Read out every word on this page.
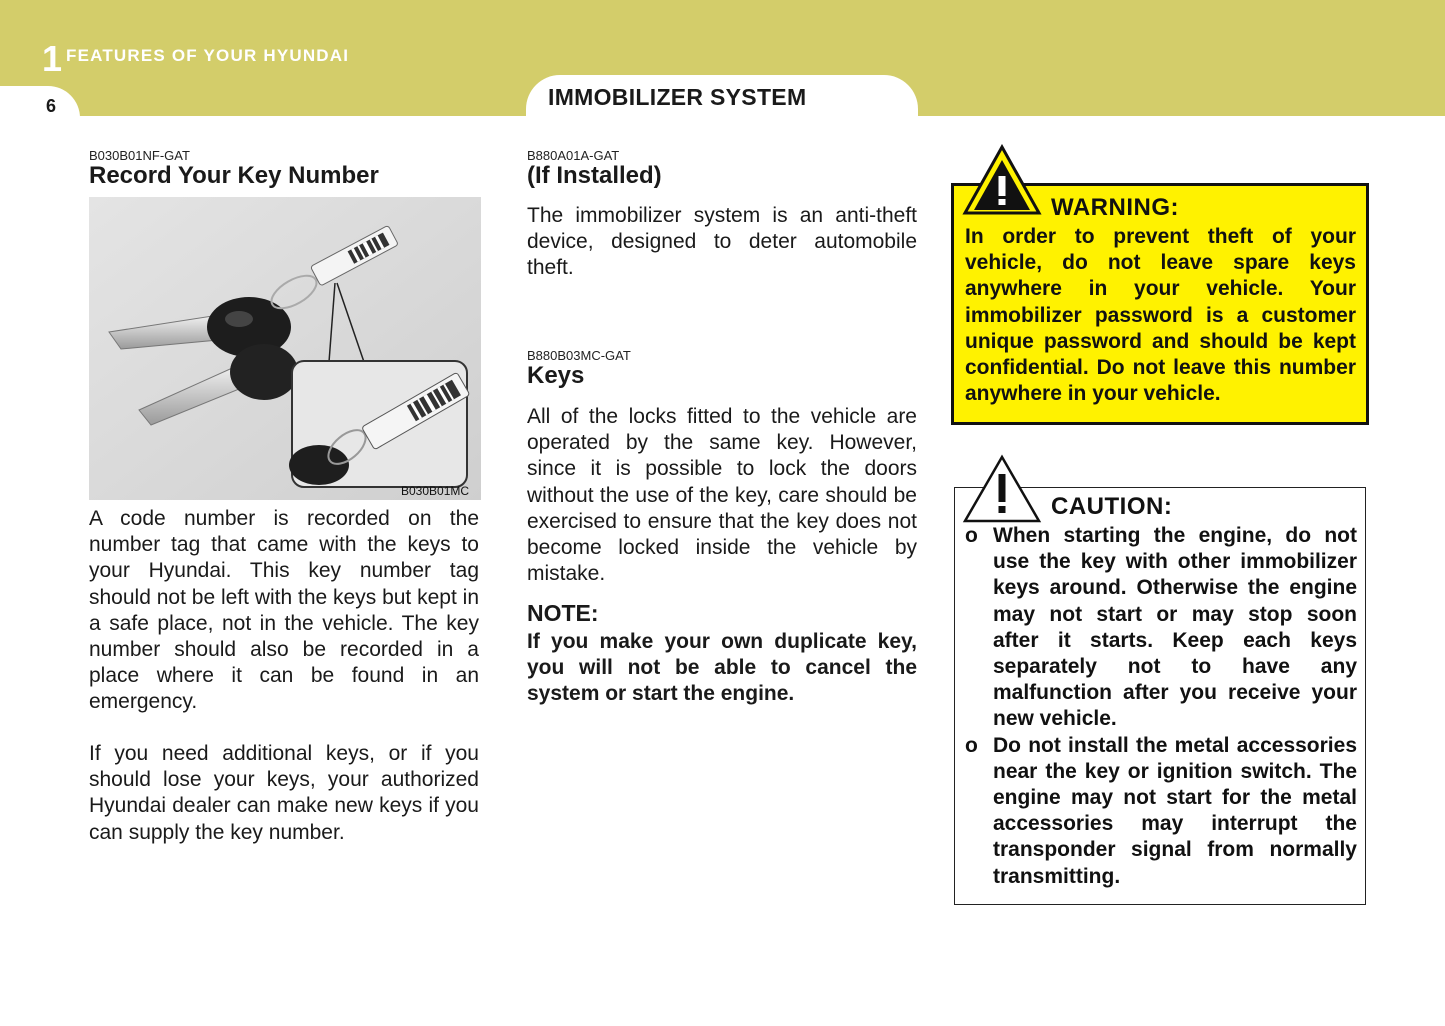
1 FEATURES OF YOUR HYUNDAI
6	IMMOBILIZER SYSTEM
B030B01NF-GAT
Record Your Key Number
B030B01MC

A code number is recorded on the number tag that came with the keys to your Hyundai. This key number tag should not be left with the keys but kept in a safe place, not in the vehicle. The key number should also be recorded in a place where it can be found in an emergency.

If you need additional keys, or if you should lose your keys, your authorized Hyundai dealer can make new keys if you can supply the key number.

B880A01A-GAT
(If Installed)

The immobilizer system is an anti-theft device, designed to deter automobile theft.

B880B03MC-GAT
Keys

All of the locks fitted to the vehicle are operated by the same key. However, since it is possible to lock the doors without the use of the key, care should be exercised to ensure that the key does not become locked inside the vehicle by mistake.

NOTE:

If you make your own duplicate key, you will not be able to cancel the system or start the engine.

WARNING:

In order to prevent theft of your vehicle, do not leave spare keys anywhere in your vehicle. Your immobilizer password is a customer unique password and should be kept confidential. Do not leave this number anywhere in your vehicle.

CAUTION:
o When starting the engine, do not use the key with other immobilizer keys around. Otherwise the engine may not start or may stop soon after it starts. Keep each keys separately not to have any malfunction after you receive your new vehicle.
o Do not install the metal accessories near the key or ignition switch. The engine may not start for the metal accessories may interrupt the transponder signal from normally transmitting.
